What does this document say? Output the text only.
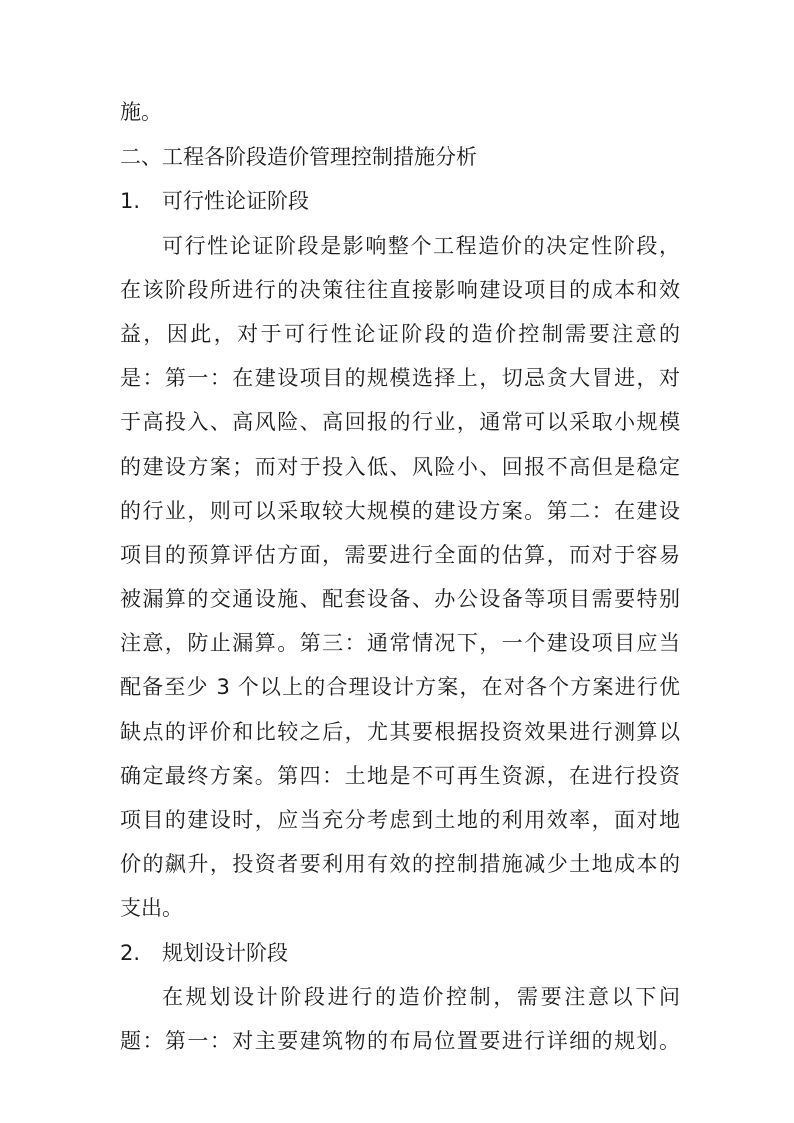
施。
二、工程各阶段造价管理控制措施分析
1. 可行性论证阶段
可行性论证阶段是影响整个工程造价的决定性阶段，
在该阶段所进行的决策往往直接影响建设项目的成本和效
益，因此，对于可行性论证阶段的造价控制需要注意的
是：第一：在建设项目的规模选择上，切忌贪大冒进，对
于高投入、高风险、高回报的行业，通常可以采取小规模
的建设方案；而对于投入低、风险小、回报不高但是稳定
的行业，则可以采取较大规模的建设方案。第二：在建设
项目的预算评估方面，需要进行全面的估算，而对于容易
被漏算的交通设施、配套设备、办公设备等项目需要特别
注意，防止漏算。第三：通常情况下，一个建设项目应当
配备至少 3 个以上的合理设计方案，在对各个方案进行优
缺点的评价和比较之后，尤其要根据投资效果进行测算以
确定最终方案。第四：土地是不可再生资源，在进行投资
项目的建设时，应当充分考虑到土地的利用效率，面对地
价的飙升，投资者要利用有效的控制措施减少土地成本的
支出。
2. 规划设计阶段
在规划设计阶段进行的造价控制，需要注意以下问
题：第一：对主要建筑物的布局位置要进行详细的规划。
